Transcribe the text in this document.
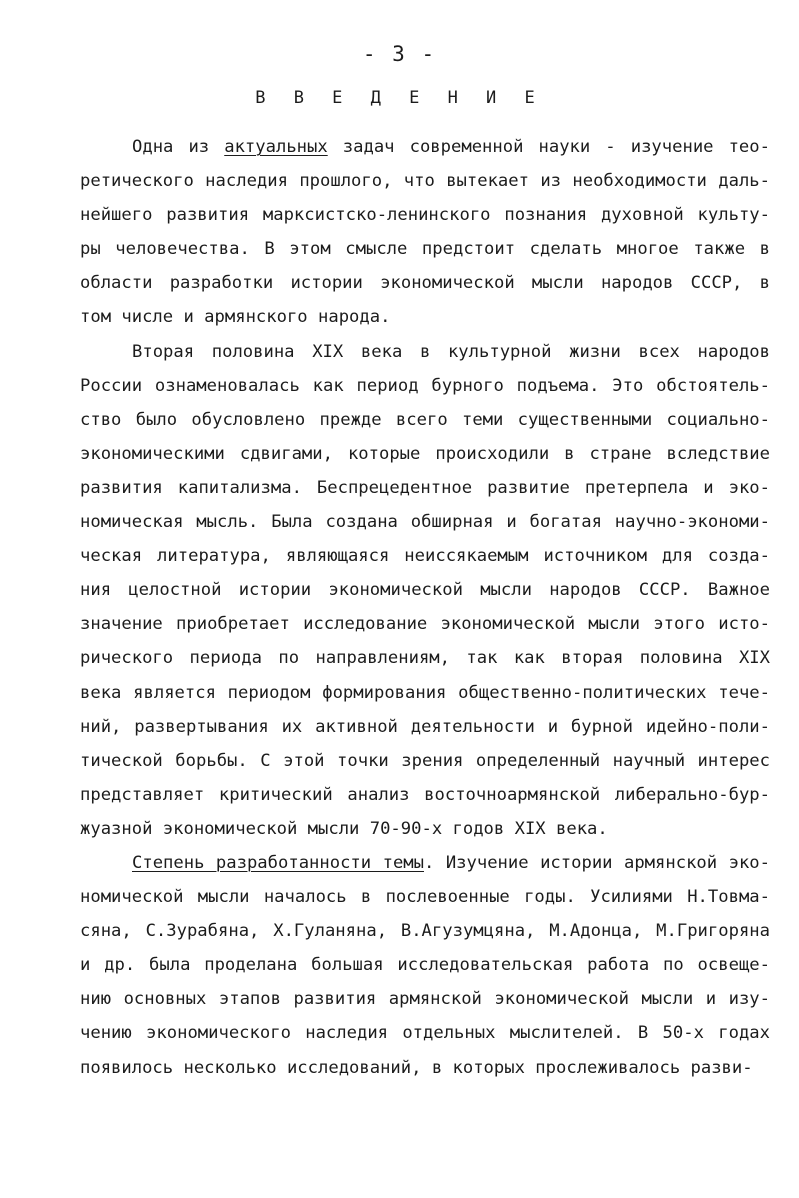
- 3 -
В В Е Д Е Н И Е
Одна из актуальных задач современной науки - изучение тео-
ретического наследия прошлого, что вытекает из необходимости даль-
нейшего развития марксистско-ленинского познания духовной культу-
ры человечества. В этом смысле предстоит сделать многое также в
области разработки истории экономической мысли народов СССР, в
том числе и армянского народа.
Вторая половина XIX века в культурной жизни всех народов
России ознаменовалась как период бурного подъема. Это обстоятель-
ство было обусловлено прежде всего теми существенными социально-
экономическими сдвигами, которые происходили в стране вследствие
развития капитализма. Беспрецедентное развитие претерпела и эко-
номическая мысль. Была создана обширная и богатая научно-экономи-
ческая литература, являющаяся неиссякаемым источником для созда-
ния целостной истории экономической мысли народов СССР. Важное
значение приобретает исследование экономической мысли этого исто-
рического периода по направлениям, так как вторая половина XIX
века является периодом формирования общественно-политических тече-
ний, развертывания их активной деятельности и бурной идейно-поли-
тической борьбы. С этой точки зрения определенный научный интерес
представляет критический анализ восточноармянской либерально-бур-
жуазной экономической мысли 70-90-х годов XIX века.
Степень разработанности темы. Изучение истории армянской эко-
номической мысли началось в послевоенные годы. Усилиями Н.Товма-
сяна, С.Зурабяна, Х.Гуланяна, В.Агузумцяна, М.Адонца, М.Григоряна
и др. была проделана большая исследовательская работа по освеще-
нию основных этапов развития армянской экономической мысли и изу-
чению экономического наследия отдельных мыслителей. В 50-х годах
появилось несколько исследований, в которых прослеживалось разви-
